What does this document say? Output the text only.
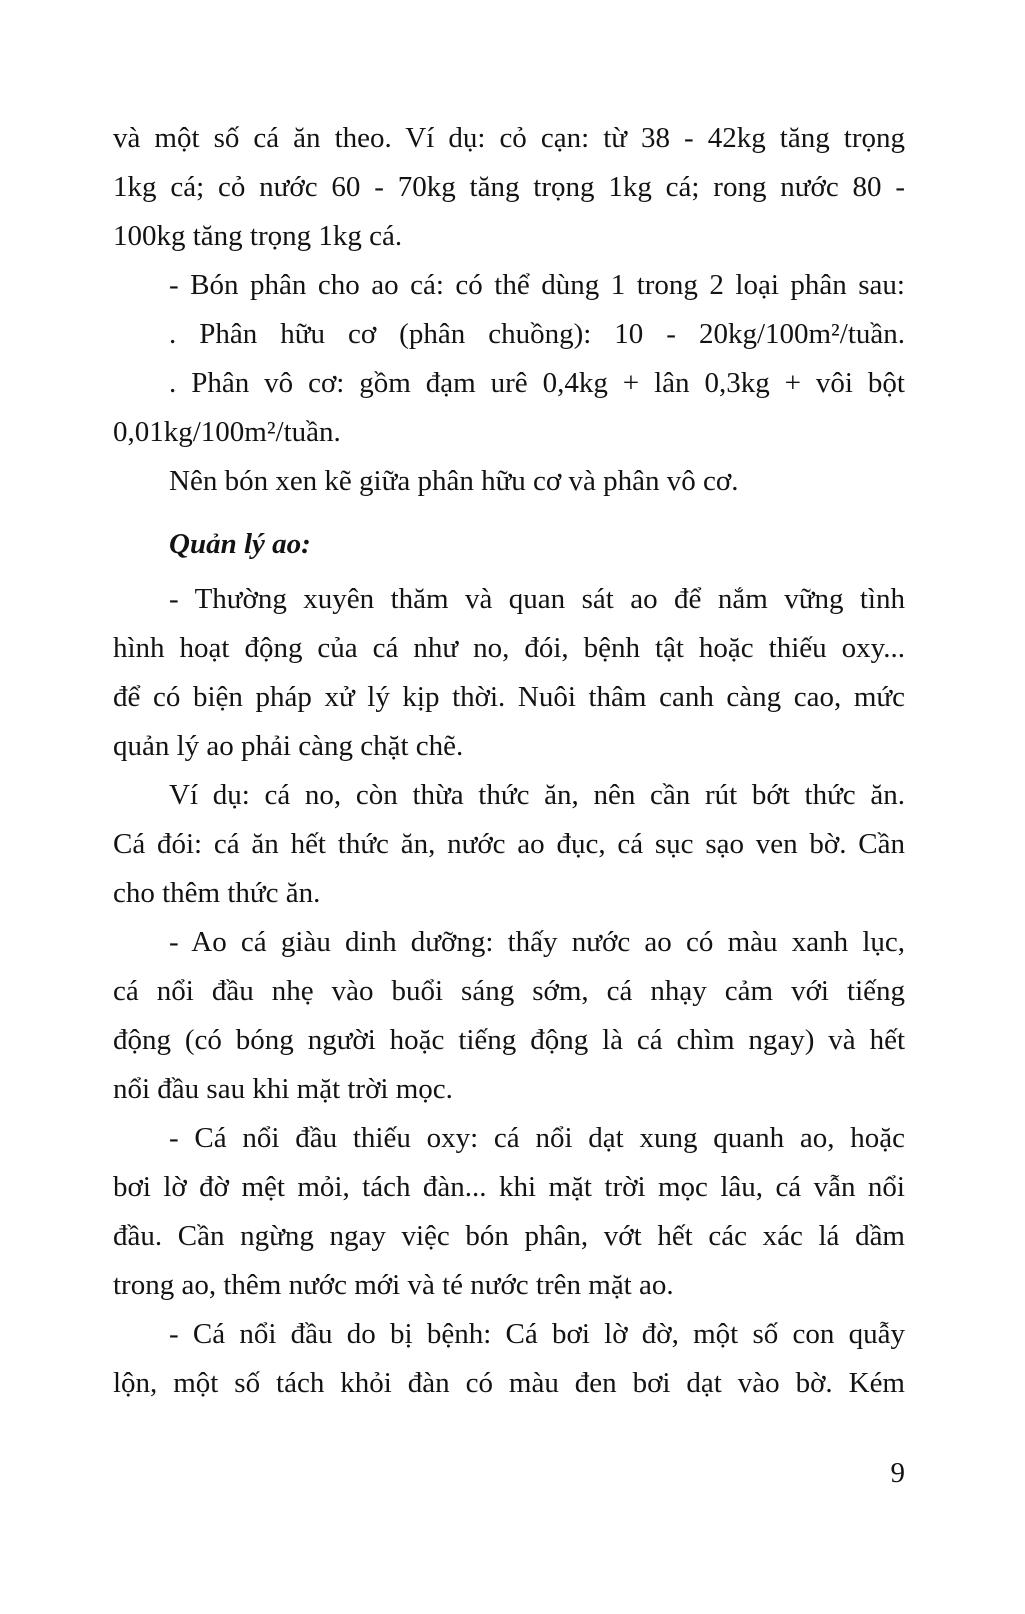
và một số cá ăn theo. Ví dụ: cỏ cạn: từ 38 - 42kg tăng trọng
1kg cá; cỏ nước 60 - 70kg tăng trọng 1kg cá; rong nước 80 -
100kg tăng trọng 1kg cá.
- Bón phân cho ao cá: có thể dùng 1 trong 2 loại phân sau:
. Phân hữu cơ (phân chuồng): 10 - 20kg/100m²/tuần.
. Phân vô cơ: gồm đạm urê 0,4kg + lân 0,3kg + vôi bột
0,01kg/100m²/tuần.
Nên bón xen kẽ giữa phân hữu cơ và phân vô cơ.
Quản lý ao:
- Thường xuyên thăm và quan sát ao để nắm vững tình
hình hoạt động của cá như no, đói, bệnh tật hoặc thiếu oxy...
để có biện pháp xử lý kịp thời. Nuôi thâm canh càng cao, mức
quản lý ao phải càng chặt chẽ.
Ví dụ: cá no, còn thừa thức ăn, nên cần rút bớt thức ăn.
Cá đói: cá ăn hết thức ăn, nước ao đục, cá sục sạo ven bờ. Cần
cho thêm thức ăn.
- Ao cá giàu dinh dưỡng: thấy nước ao có màu xanh lục,
cá nổi đầu nhẹ vào buổi sáng sớm, cá nhạy cảm với tiếng
động (có bóng người hoặc tiếng động là cá chìm ngay) và hết
nổi đầu sau khi mặt trời mọc.
- Cá nổi đầu thiếu oxy: cá nổi dạt xung quanh ao, hoặc
bơi lờ đờ mệt mỏi, tách đàn... khi mặt trời mọc lâu, cá vẫn nổi
đầu. Cần ngừng ngay việc bón phân, vớt hết các xác lá dầm
trong ao, thêm nước mới và té nước trên mặt ao.
- Cá nổi đầu do bị bệnh: Cá bơi lờ đờ, một số con quẫy
lộn, một số tách khỏi đàn có màu đen bơi dạt vào bờ. Kém
9
